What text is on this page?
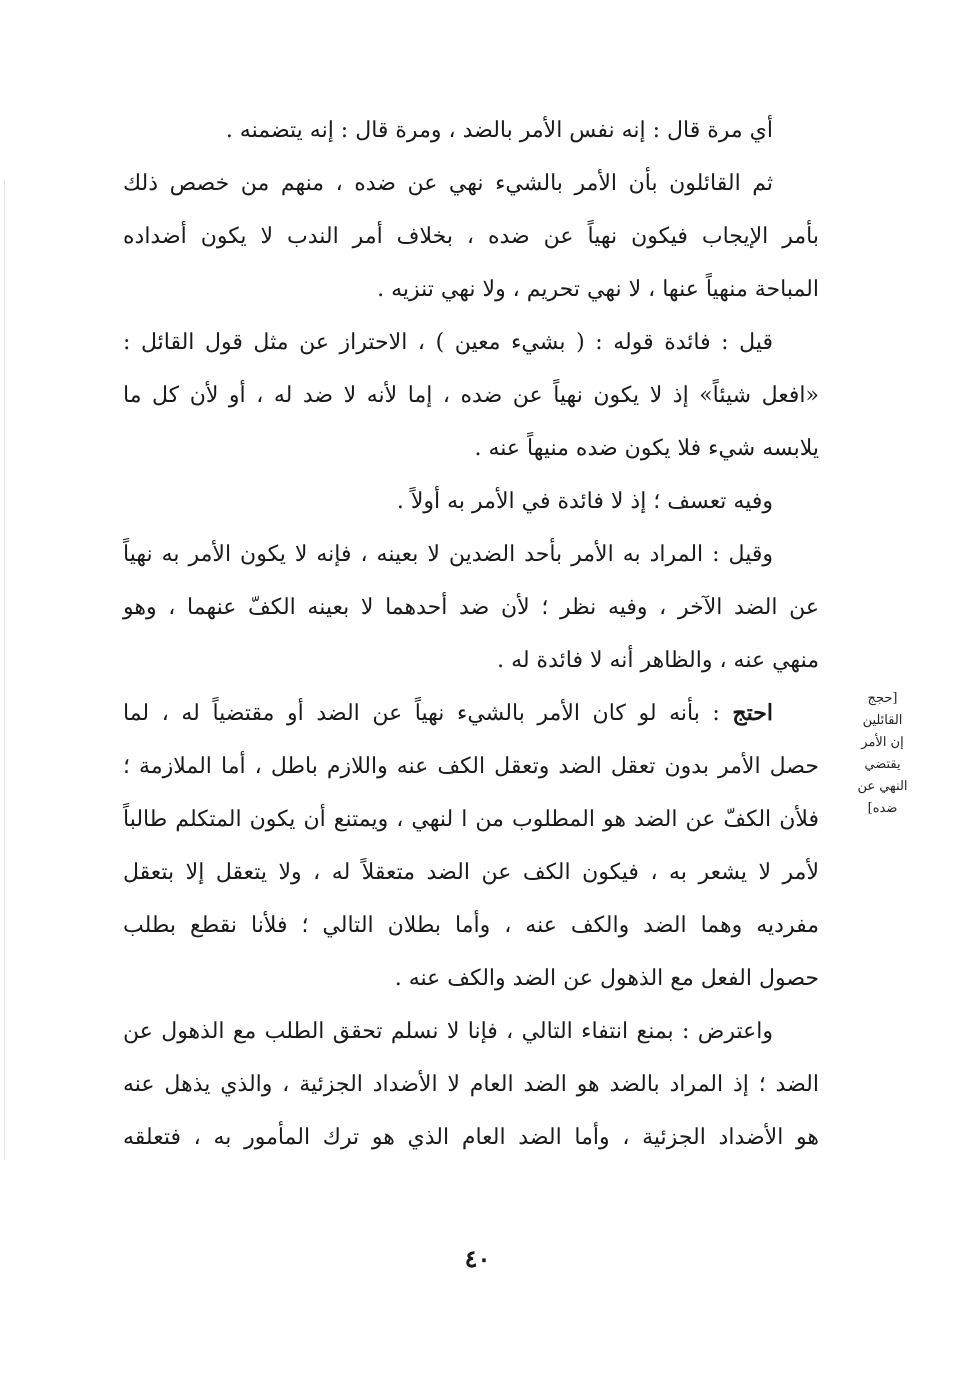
أي مرة قال : إنه نفس الأمر بالضد ، ومرة قال : إنه يتضمنه .
ثم القائلون بأن الأمر بالشيء نهي عن ضده ، منهم من خصص ذلك
بأمر الإيجاب فيكون نهياً عن ضده ، بخلاف أمر الندب لا يكون أضداده
المباحة منهياً عنها ، لا نهي تحريم ، ولا نهي تنزيه .
قيل : فائدة قوله : ( بشيء معين ) ، الاحتراز عن مثل قول القائل :
«افعل شيئاً» إذ لا يكون نهياً عن ضده ، إما لأنه لا ضد له ، أو لأن كل ما
يلابسه شيء فلا يكون ضده منيهاً عنه .
وفيه تعسف ؛ إذ لا فائدة في الأمر به أولاً .
وقيل : المراد به الأمر بأحد الضدين لا بعينه ، فإنه لا يكون الأمر به نهياً
عن الضد الآخر ، وفيه نظر ؛ لأن ضد أحدهما لا بعينه الكفّ عنهما ، وهو
منهي عنه ، والظاهر أنه لا فائدة له .
احتج : بأنه لو كان الأمر بالشيء نهياً عن الضد أو مقتضياً له ، لما
حصل الأمر بدون تعقل الضد وتعقل الكف عنه واللازم باطل ، أما الملازمة ؛
فلأن الكفّ عن الضد هو المطلوب من ا لنهي ، ويمتنع أن يكون المتكلم طالباً
لأمر لا يشعر به ، فيكون الكف عن الضد متعقلاً له ، ولا يتعقل إلا بتعقل
مفرديه وهما الضد والكف عنه ، وأما بطلان التالي ؛ فلأنا نقطع بطلب
حصول الفعل مع الذهول عن الضد والكف عنه .
واعترض : بمنع انتفاء التالي ، فإنا لا نسلم تحقق الطلب مع الذهول عن
الضد ؛ إذ المراد بالضد هو الضد العام لا الأضداد الجزئية ، والذي يذهل عنه
هو الأضداد الجزئية ، وأما الضد العام الذي هو ترك المأمور به ، فتعلقه
[حجج
القائلين
إن الأمر
يقتضي
النهي عن
ضده]
٤٠
